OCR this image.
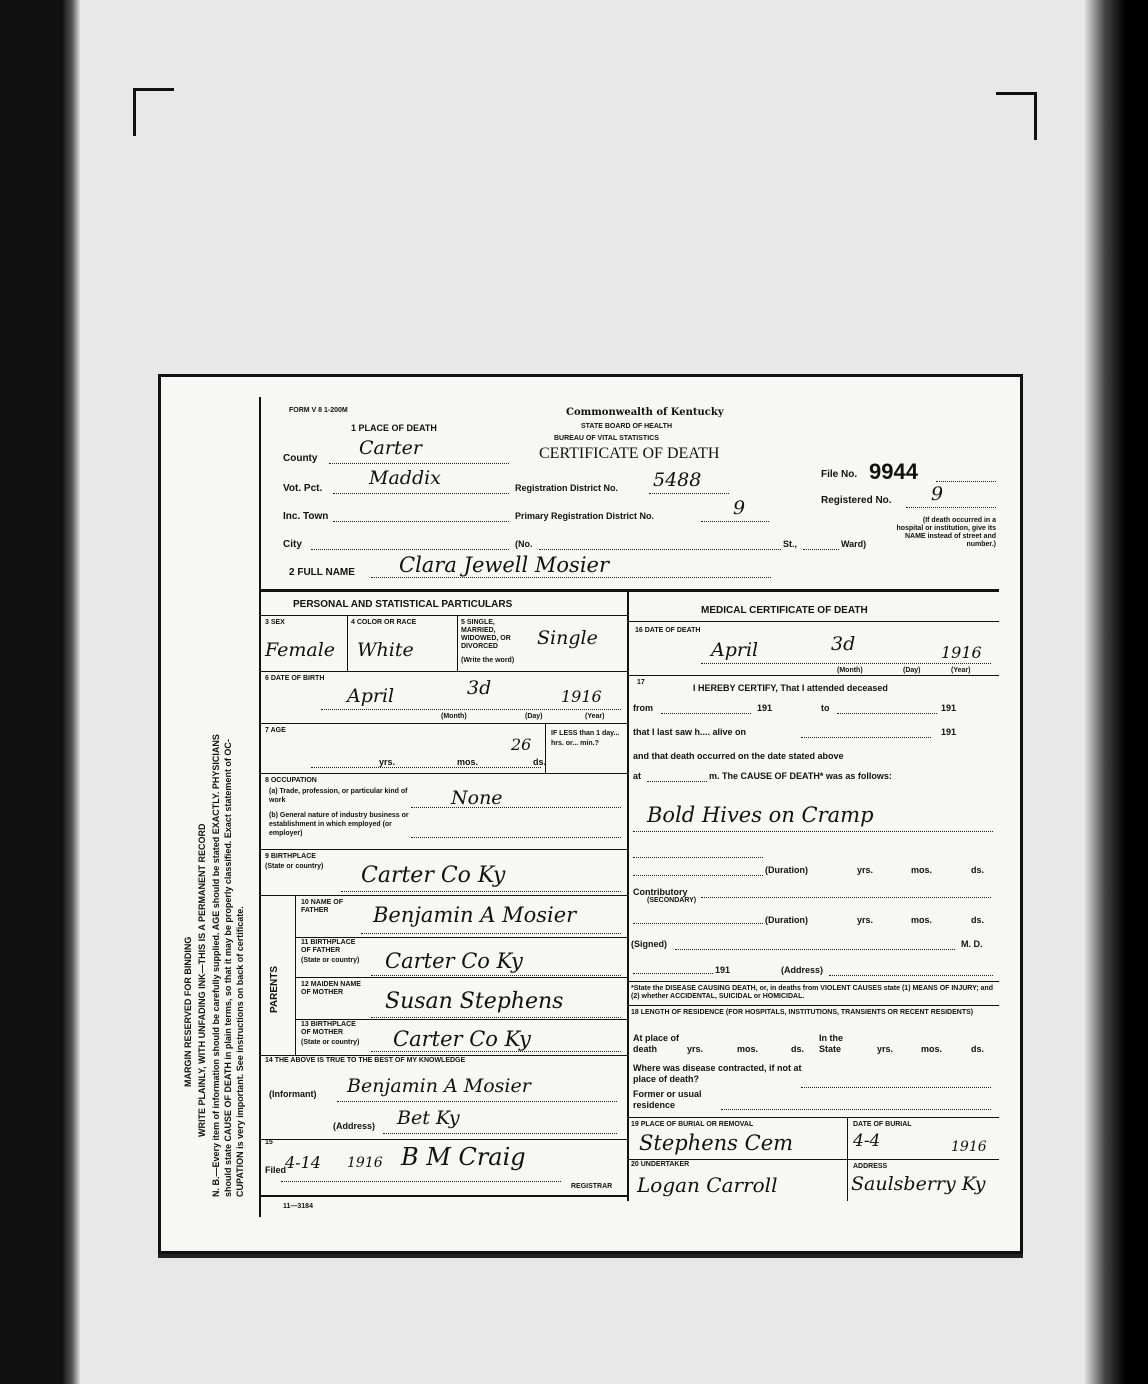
MARGIN RESERVED FOR BINDING WRITE PLAINLY, WITH UNFADING INK—THIS IS A PERMANENT RECORD N. B.—Every item of information should be carefully supplied. AGE should be stated EXACTLY. PHYSICIANS should state CAUSE OF DEATH in plain terms, so that it may be properly classified. Exact statement of OC- CUPATION is very important. See instructions on back of certificate.
FORM V 8 1-200M
1 PLACE OF DEATH
Commonwealth of Kentucky
STATE BOARD OF HEALTH
BUREAU OF VITAL STATISTICS
CERTIFICATE OF DEATH
File No. 9944
Registered No. 9
(If death occurred in a hospital or institution, give its NAME instead of street and number.)
County Carter
Vot. Pct. Maddix	Registration District No. 5488
Inc. Town	Primary Registration District No.	9
City	(No.	St.,	Ward)
2 FULL NAME Clara Jewell Mosier
PERSONAL AND STATISTICAL PARTICULARS
3 SEX
Female
4 COLOR OR RACE
White
5 SINGLE, MARRIED, WIDOWED, OR DIVORCED
(Write the word)
Single
6 DATE OF BIRTH
April	3d	1916
(Month)	(Day)	(Year)
7 AGE
yrs.	mos.
26
ds.
IF LESS than 1 day... hrs. or... min.?
8 OCCUPATION
(a) Trade, profession, or particular kind of work	None
(b) General nature of industry business or establishment in which employed (or employer)
9 BIRTHPLACE
(State or country) Carter Co Ky
PARENTS
10 NAME OF FATHER	Benjamin A Mosier
11 BIRTHPLACE OF FATHER
(State or country) Carter Co Ky
12 MAIDEN NAME OF MOTHER	Susan Stephens
13 BIRTHPLACE OF MOTHER
(State or country) Carter Co Ky
14 THE ABOVE IS TRUE TO THE BEST OF MY KNOWLEDGE
(Informant) Benjamin A Mosier
(Address) Bet Ky
15
Filed
4-14 1916 B M Craig
REGISTRAR
11—3184
MEDICAL CERTIFICATE OF DEATH
16 DATE OF DEATH
April	3d	1916
(Month)	(Day)	(Year)
17
I HEREBY CERTIFY, That I attended deceased
from	191	to	191
that I last saw h.... alive on	191
and that death occurred on the date stated above
at	m. The CAUSE OF DEATH* was as follows:
Bold Hives on Cramp
(Duration)	yrs.	mos.	ds.
Contributory
(SECONDARY)
(Duration)	yrs.	mos.	ds.
(Signed)	M. D.
191	(Address)
*State the DISEASE CAUSING DEATH, or, in deaths from VIOLENT CAUSES state (1) MEANS OF INJURY; and (2) whether ACCIDENTAL, SUICIDAL or HOMICIDAL.
18 LENGTH OF RESIDENCE (FOR HOSPITALS, INSTITUTIONS, TRANSIENTS OR RECENT RESIDENTS)
At place of death	yrs.	mos.	ds.
In the State	yrs.	mos.	ds.
Where was disease contracted, if not at place of death?
Former or usual residence
19 PLACE OF BURIAL OR REMOVAL
Stephens Cem
DATE OF BURIAL
4-4	1916
20 UNDERTAKER
Logan Carroll
ADDRESS
Saulsberry Ky
